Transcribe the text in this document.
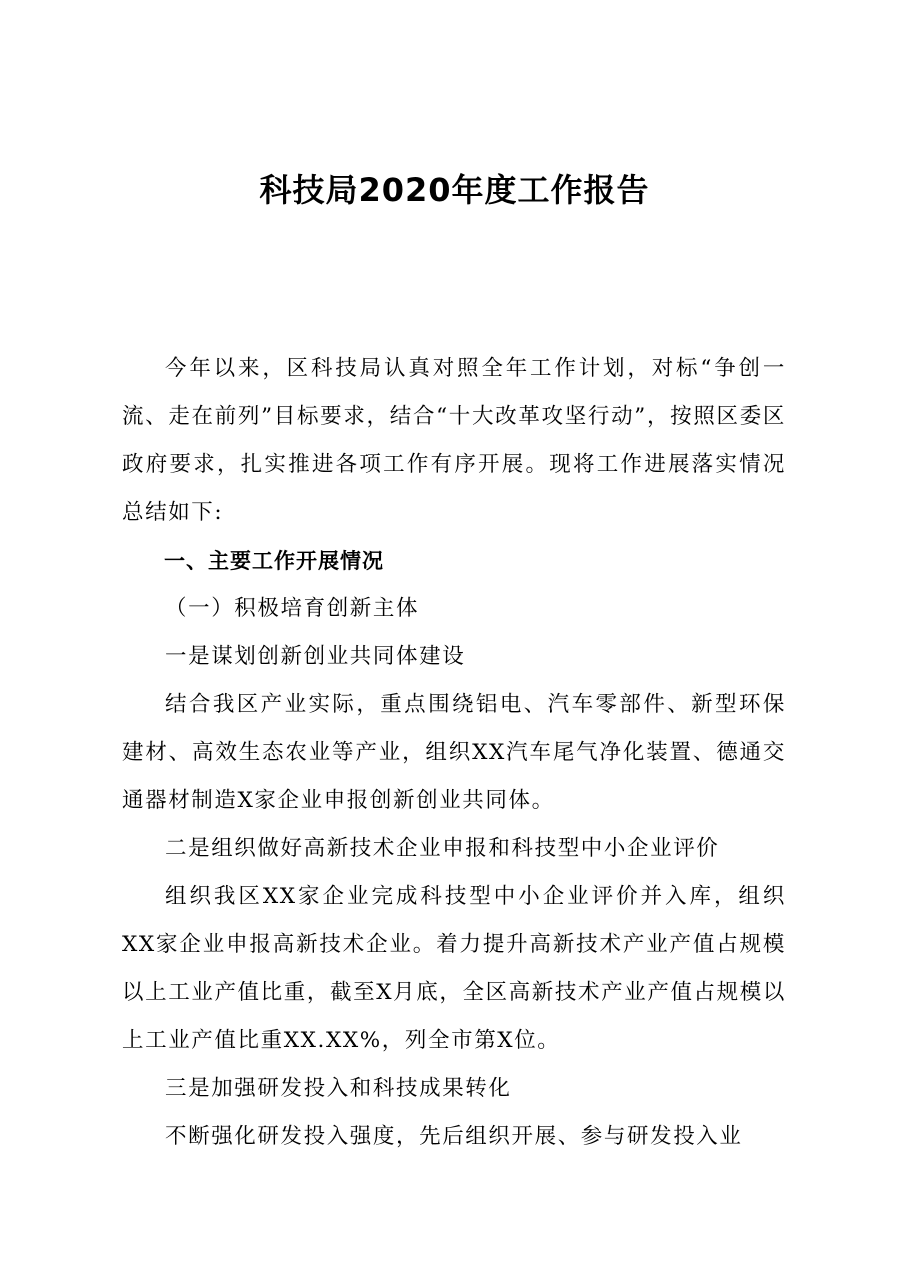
科技局2020年度工作报告

今年以来，区科技局认真对照全年工作计划，对标“争创一流、走在前列”目标要求，结合“十大改革攻坚行动”，按照区委区政府要求，扎实推进各项工作有序开展。现将工作进展落实情况总结如下:

一、主要工作开展情况

（一）积极培育创新主体

一是谋划创新创业共同体建设

结合我区产业实际，重点围绕铝电、汽车零部件、新型环保建材、高效生态农业等产业，组织XX汽车尾气净化装置、德通交通器材制造X家企业申报创新创业共同体。

二是组织做好高新技术企业申报和科技型中小企业评价

组织我区XX家企业完成科技型中小企业评价并入库，组织XX家企业申报高新技术企业。着力提升高新技术产业产值占规模以上工业产值比重，截至X月底，全区高新技术产业产值占规模以上工业产值比重XX.XX%，列全市第X位。

三是加强研发投入和科技成果转化

不断强化研发投入强度，先后组织开展、参与研发投入业
